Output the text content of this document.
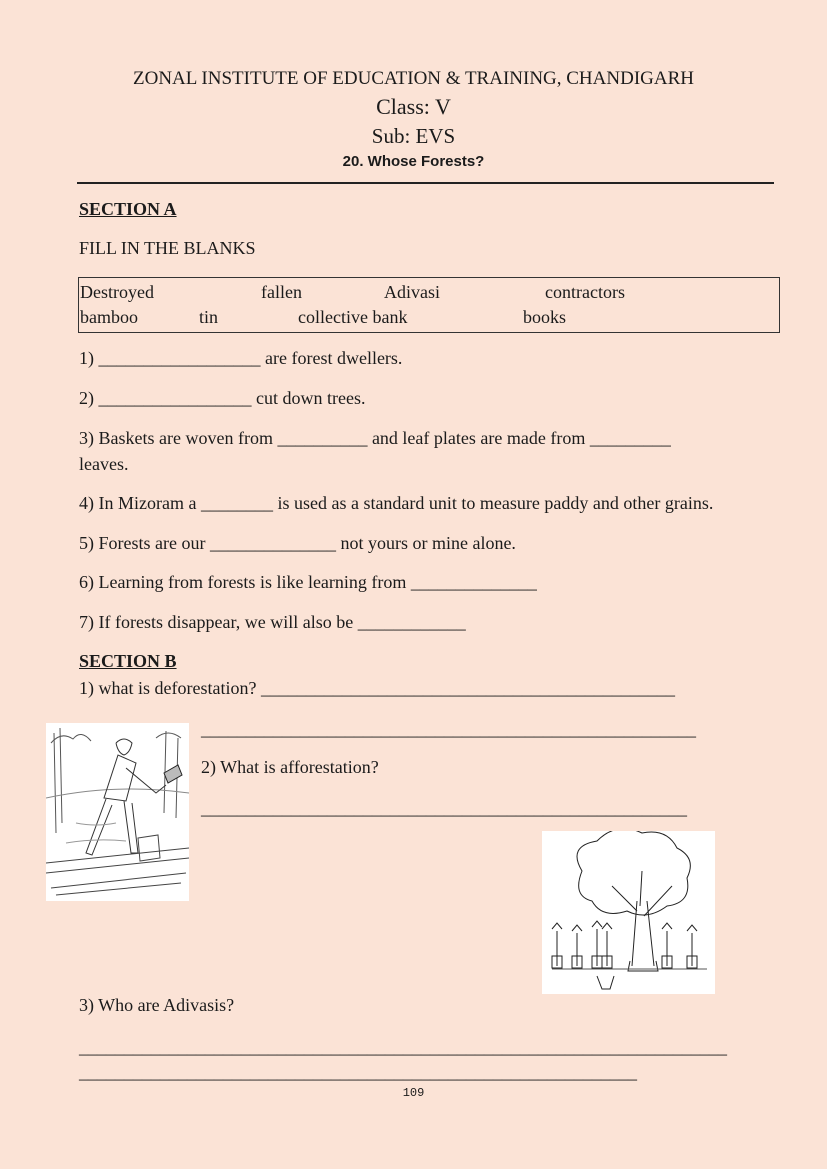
ZONAL INSTITUTE OF EDUCATION & TRAINING, CHANDIGARH
Class: V
Sub: EVS
20. Whose Forests?
SECTION A
FILL IN THE BLANKS
Destroyed	fallen	Adivasi	contractors
bamboo	tin	collective bank	books
1) __________________ are forest dwellers.
2) _________________ cut down trees.
3) Baskets are woven from __________ and leaf plates are made from _________
leaves.
4) In Mizoram a ________ is used as a standard unit to measure paddy and other grains.
5) Forests are our ______________ not yours or mine alone.
6) Learning from forests is like learning from ______________
7) If forests disappear, we will also be ____________
SECTION B
1) what is deforestation? ______________________________________________
_______________________________________________________
2) What is afforestation?
______________________________________________________
3) Who are Adivasis?
________________________________________________________________________
______________________________________________________________
109
